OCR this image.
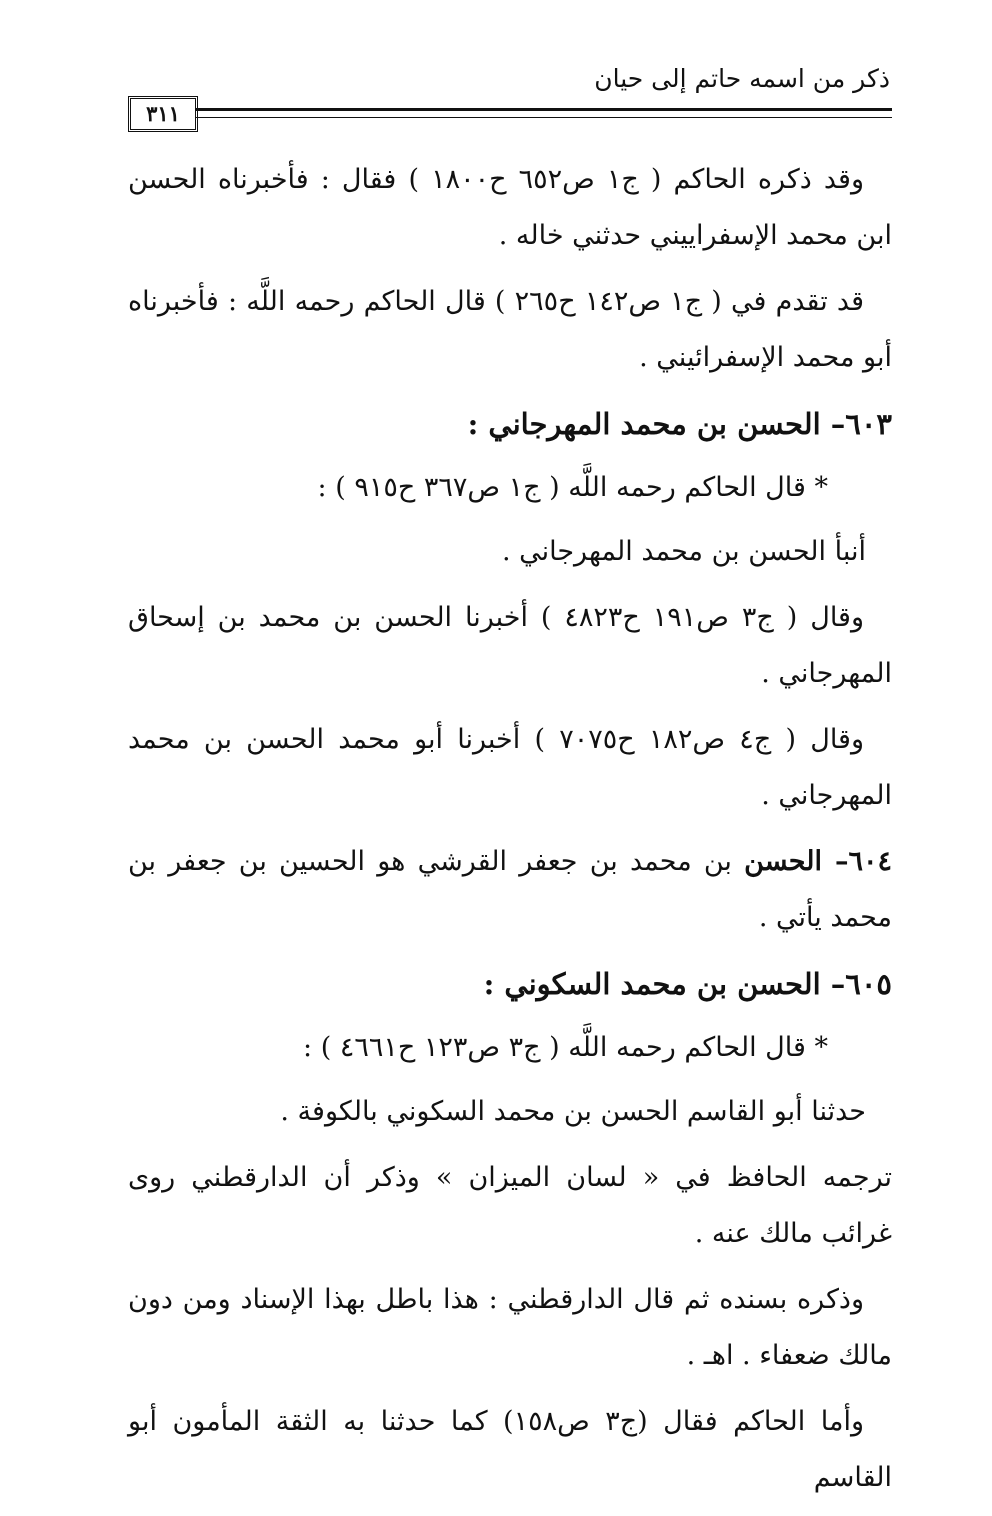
ذكر من اسمه حاتم إلى حيان
٣١١

وقد ذكره الحاكم ( ج١ ص٦٥٢ ح١٨٠٠ ) فقال : فأخبرناه الحسن ابن محمد الإسفراييني حدثني خاله .

قد تقدم في ( ج١ ص١٤٢ ح٢٦٥ ) قال الحاكم رحمه اللَّه : فأخبرناه أبو محمد الإسفرائيني .

٦٠٣– الحسن بن محمد المهرجاني :

* قال الحاكم رحمه اللَّه ( ج١ ص٣٦٧ ح٩١٥ ) :

أنبأ الحسن بن محمد المهرجاني .

وقال ( ج٣ ص١٩١ ح٤٨٢٣ ) أخبرنا الحسن بن محمد بن إسحاق المهرجاني .

وقال ( ج٤ ص١٨٢ ح٧٠٧٥ ) أخبرنا أبو محمد الحسن بن محمد المهرجاني .

٦٠٤– الحسن بن محمد بن جعفر القرشي هو الحسين بن جعفر بن محمد يأتي .

٦٠٥– الحسن بن محمد السكوني :

* قال الحاكم رحمه اللَّه ( ج٣ ص١٢٣ ح٤٦٦١ ) :

حدثنا أبو القاسم الحسن بن محمد السكوني بالكوفة .

ترجمه الحافظ في « لسان الميزان » وذكر أن الدارقطني روى غرائب مالك عنه .

وذكره بسنده ثم قال الدارقطني : هذا باطل بهذا الإسناد ومن دون مالك ضعفاء . اهـ .

وأما الحاكم فقال (ج٣ ص١٥٨) كما حدثنا به الثقة المأمون أبو القاسم
